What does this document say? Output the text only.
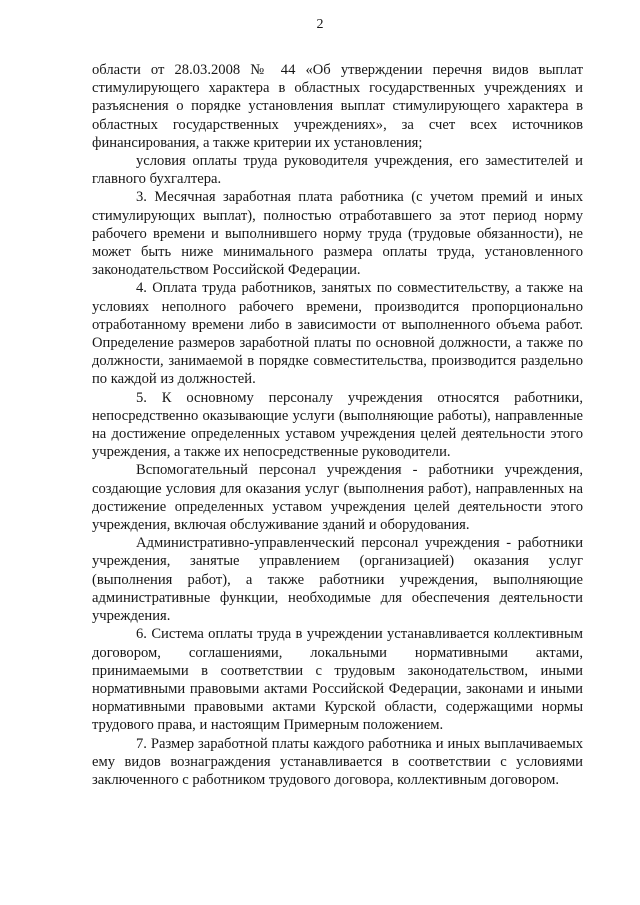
2

области от 28.03.2008 № 44 «Об утверждении перечня видов выплат стимулирующего характера в областных государственных учреждениях и разъяснения о порядке установления выплат стимулирующего характера в областных государственных учреждениях», за счет всех источников финансирования, а также критерии их установления;

условия оплаты труда руководителя учреждения, его заместителей и главного бухгалтера.

3. Месячная заработная плата работника (с учетом премий и иных стимулирующих выплат), полностью отработавшего за этот период норму рабочего времени и выполнившего норму труда (трудовые обязанности), не может быть ниже минимального размера оплаты труда, установленного законодательством Российской Федерации.

4. Оплата труда работников, занятых по совместительству, а также на условиях неполного рабочего времени, производится пропорционально отработанному времени либо в зависимости от выполненного объема работ. Определение размеров заработной платы по основной должности, а также по должности, занимаемой в порядке совместительства, производится раздельно по каждой из должностей.

5. К основному персоналу учреждения относятся работники, непосредственно оказывающие услуги (выполняющие работы), направленные на достижение определенных уставом учреждения целей деятельности этого учреждения, а также их непосредственные руководители.

Вспомогательный персонал учреждения - работники учреждения, создающие условия для оказания услуг (выполнения работ), направленных на достижение определенных уставом учреждения целей деятельности этого учреждения, включая обслуживание зданий и оборудования.

Административно-управленческий персонал учреждения - работники учреждения, занятые управлением (организацией) оказания услуг (выполнения работ), а также работники учреждения, выполняющие административные функции, необходимые для обеспечения деятельности учреждения.

6. Система оплаты труда в учреждении устанавливается коллективным договором, соглашениями, локальными нормативными актами, принимаемыми в соответствии с трудовым законодательством, иными нормативными правовыми актами Российской Федерации, законами и иными нормативными правовыми актами Курской области, содержащими нормы трудового права, и настоящим Примерным положением.

7. Размер заработной платы каждого работника и иных выплачиваемых ему видов вознаграждения устанавливается в соответствии с условиями заключенного с работником трудового договора, коллективным договором.
